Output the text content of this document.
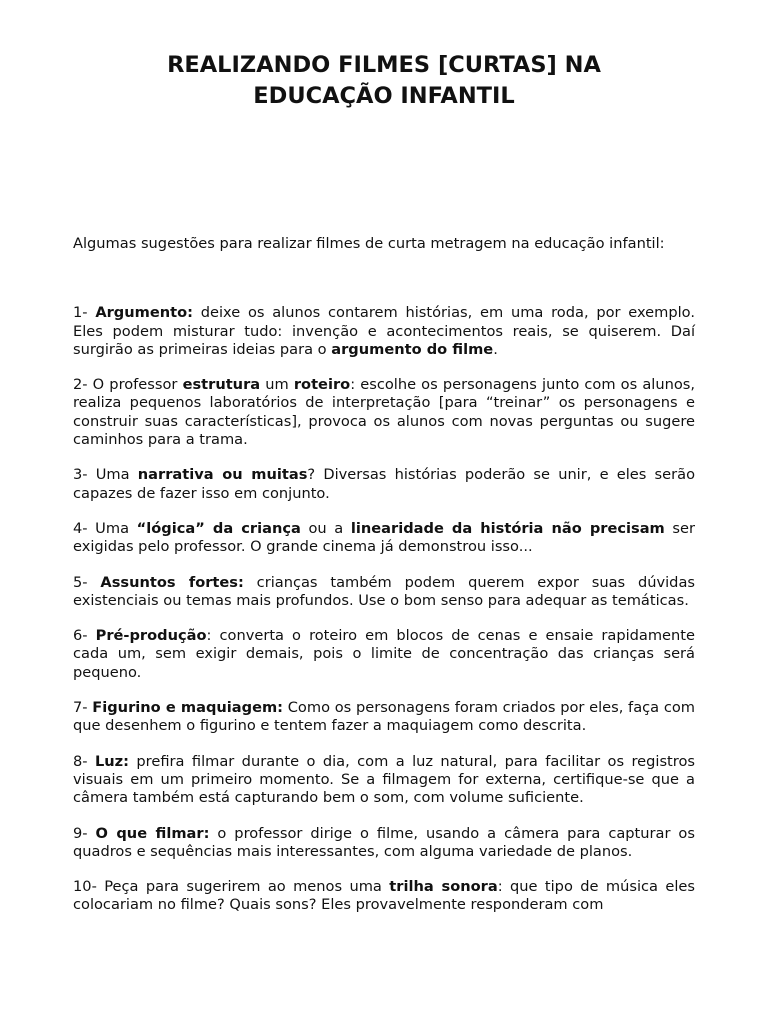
REALIZANDO FILMES [CURTAS] NA
EDUCAÇÃO INFANTIL

Algumas sugestões para realizar filmes de curta metragem na educação infantil:

1- Argumento: deixe os alunos contarem histórias, em uma roda, por exemplo. Eles podem misturar tudo: invenção e acontecimentos reais, se quiserem. Daí surgirão as primeiras ideias para o argumento do filme.

2- O professor estrutura um roteiro: escolhe os personagens junto com os alunos, realiza pequenos laboratórios de interpretação [para “treinar” os personagens e construir suas características], provoca os alunos com novas perguntas ou sugere caminhos para a trama.

3- Uma narrativa ou muitas? Diversas histórias poderão se unir, e eles serão capazes de fazer isso em conjunto.

4- Uma “lógica” da criança ou a linearidade da história não precisam ser exigidas pelo professor. O grande cinema já demonstrou isso...

5- Assuntos fortes: crianças também podem querem expor suas dúvidas existenciais ou temas mais profundos. Use o bom senso para adequar as temáticas.

6- Pré-produção: converta o roteiro em blocos de cenas e ensaie rapidamente cada um, sem exigir demais, pois o limite de concentração das crianças será pequeno.

7- Figurino e maquiagem: Como os personagens foram criados por eles, faça com que desenhem o figurino e tentem fazer a maquiagem como descrita.

8- Luz: prefira filmar durante o dia, com a luz natural, para facilitar os registros visuais em um primeiro momento. Se a filmagem for externa, certifique-se que a câmera também está capturando bem o som, com volume suficiente.

9- O que filmar: o professor dirige o filme, usando a câmera para capturar os quadros e sequências mais interessantes, com alguma variedade de planos.

10- Peça para sugerirem ao menos uma trilha sonora: que tipo de música eles colocariam no filme? Quais sons? Eles provavelmente responderam com
